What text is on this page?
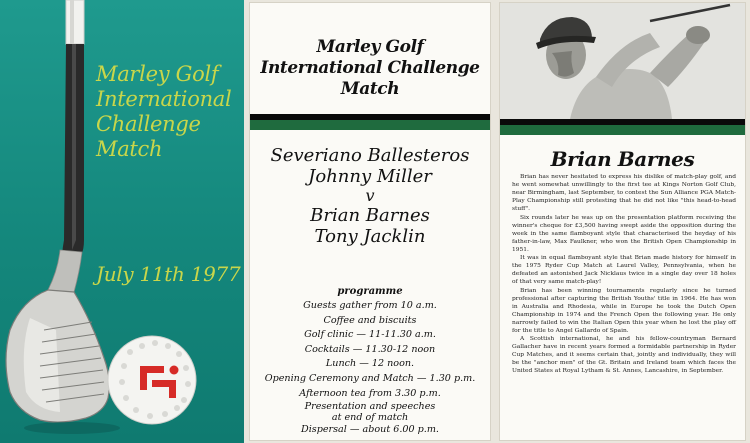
Marley Golf
International
Challenge
Match
July 11th 1977
Marley Golf
International Challenge
Match
Severiano Ballesteros
Johnny Miller
v
Brian Barnes
Tony Jacklin
programme
Guests gather from 10 a.m.
Coffee and biscuits
Golf clinic — 11-11.30 a.m.
Cocktails — 11.30-12 noon
Lunch — 12 noon.
Opening Ceremony and Match — 1.30 p.m.
Afternoon tea from 3.30 p.m.
Presentation and speeches
at end of match
Dispersal — about 6.00 p.m.
Brian Barnes

Brian has never hesitated to express his dislike of match-play golf, and he went somewhat unwillingly to the first tee at Kings Norton Golf Club, near Birmingham, last September, to contest the Sun Alliance PGA Match-Play Championship still protesting that he did not like "this head-to-head stuff".

Six rounds later he was up on the presentation platform receiving the winner's cheque for £3,500 having swept aside the opposition during the week in the same flamboyant style that characterised the heyday of his father-in-law, Max Faulkner, who won the British Open Championship in 1951.

It was in equal flamboyant style that Brian made history for himself in the 1975 Ryder Cup Match at Laurel Valley, Pennsylvania, when he defeated an astonished Jack Nicklaus twice in a single day over 18 holes of that very same match-play!

Brian has been winning tournaments regularly since he turned professional after capturing the British Youths' title in 1964. He has won in Australia and Rhodesia, while in Europe he took the Dutch Open Championship in 1974 and the French Open the following year. He only narrowly failed to win the Italian Open this year when he lost the play off for the title to Angel Gallardo of Spain.

A Scottish international, he and his fellow-countryman Bernard Gallacher have in recent years formed a formidable partnership in Ryder Cup Matches, and it seems certain that, jointly and individually, they will be the "anchor men" of the Gt. Britain and Ireland team which faces the United States at Royal Lytham & St. Annes, Lancashire, in September.
